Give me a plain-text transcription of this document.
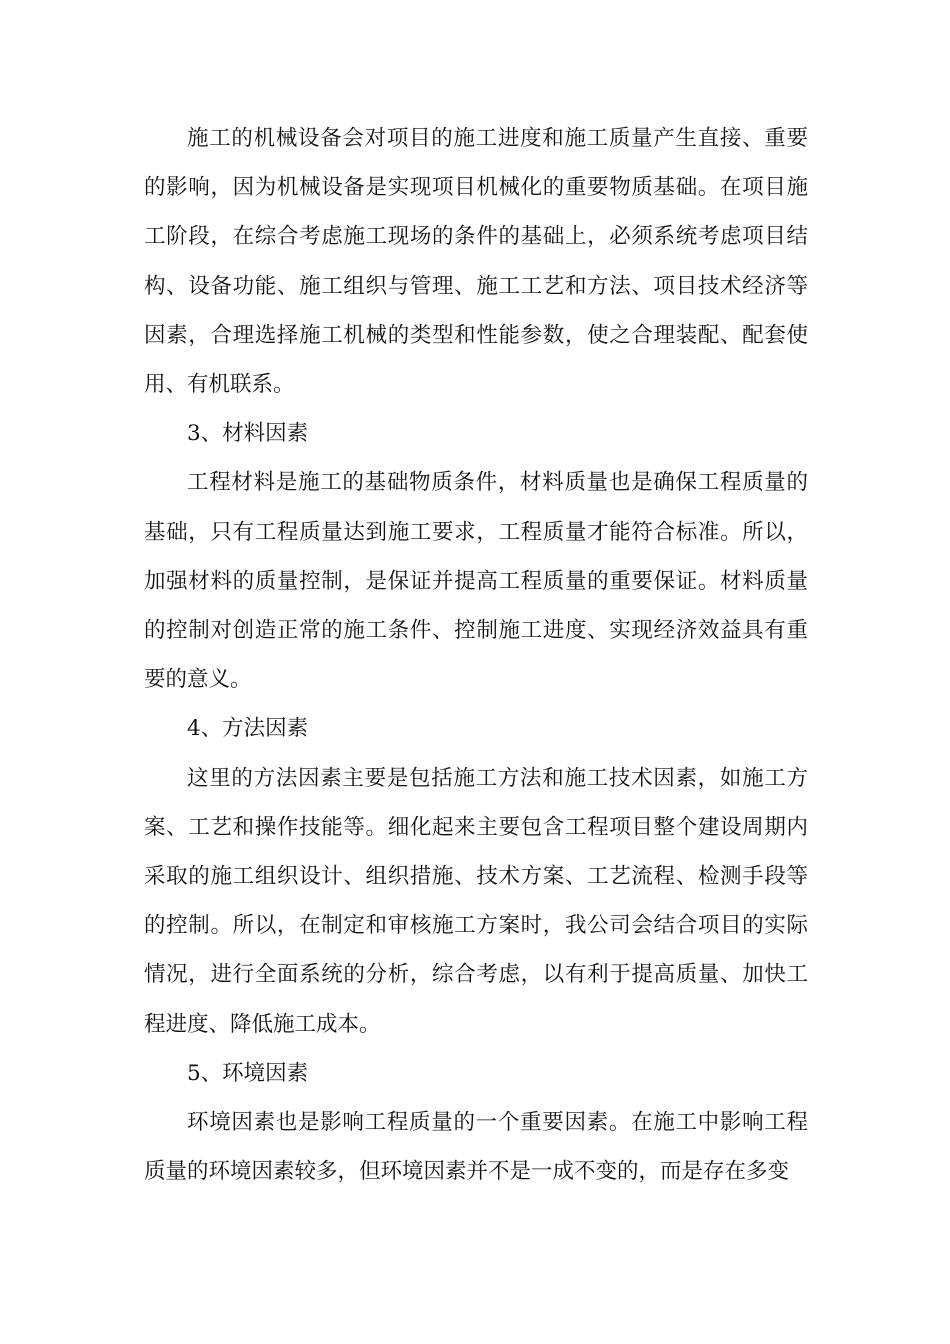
施工的机械设备会对项目的施工进度和施工质量产生直接、重要的影响，因为机械设备是实现项目机械化的重要物质基础。在项目施工阶段，在综合考虑施工现场的条件的基础上，必须系统考虑项目结构、设备功能、施工组织与管理、施工工艺和方法、项目技术经济等因素，合理选择施工机械的类型和性能参数，使之合理装配、配套使用、有机联系。

3、材料因素

工程材料是施工的基础物质条件，材料质量也是确保工程质量的基础，只有工程质量达到施工要求，工程质量才能符合标准。所以，加强材料的质量控制，是保证并提高工程质量的重要保证。材料质量的控制对创造正常的施工条件、控制施工进度、实现经济效益具有重要的意义。

4、方法因素

这里的方法因素主要是包括施工方法和施工技术因素，如施工方案、工艺和操作技能等。细化起来主要包含工程项目整个建设周期内采取的施工组织设计、组织措施、技术方案、工艺流程、检测手段等的控制。所以，在制定和审核施工方案时，我公司会结合项目的实际情况，进行全面系统的分析，综合考虑，以有利于提高质量、加快工程进度、降低施工成本。

5、环境因素

环境因素也是影响工程质量的一个重要因素。在施工中影响工程质量的环境因素较多，但环境因素并不是一成不变的，而是存在多变
